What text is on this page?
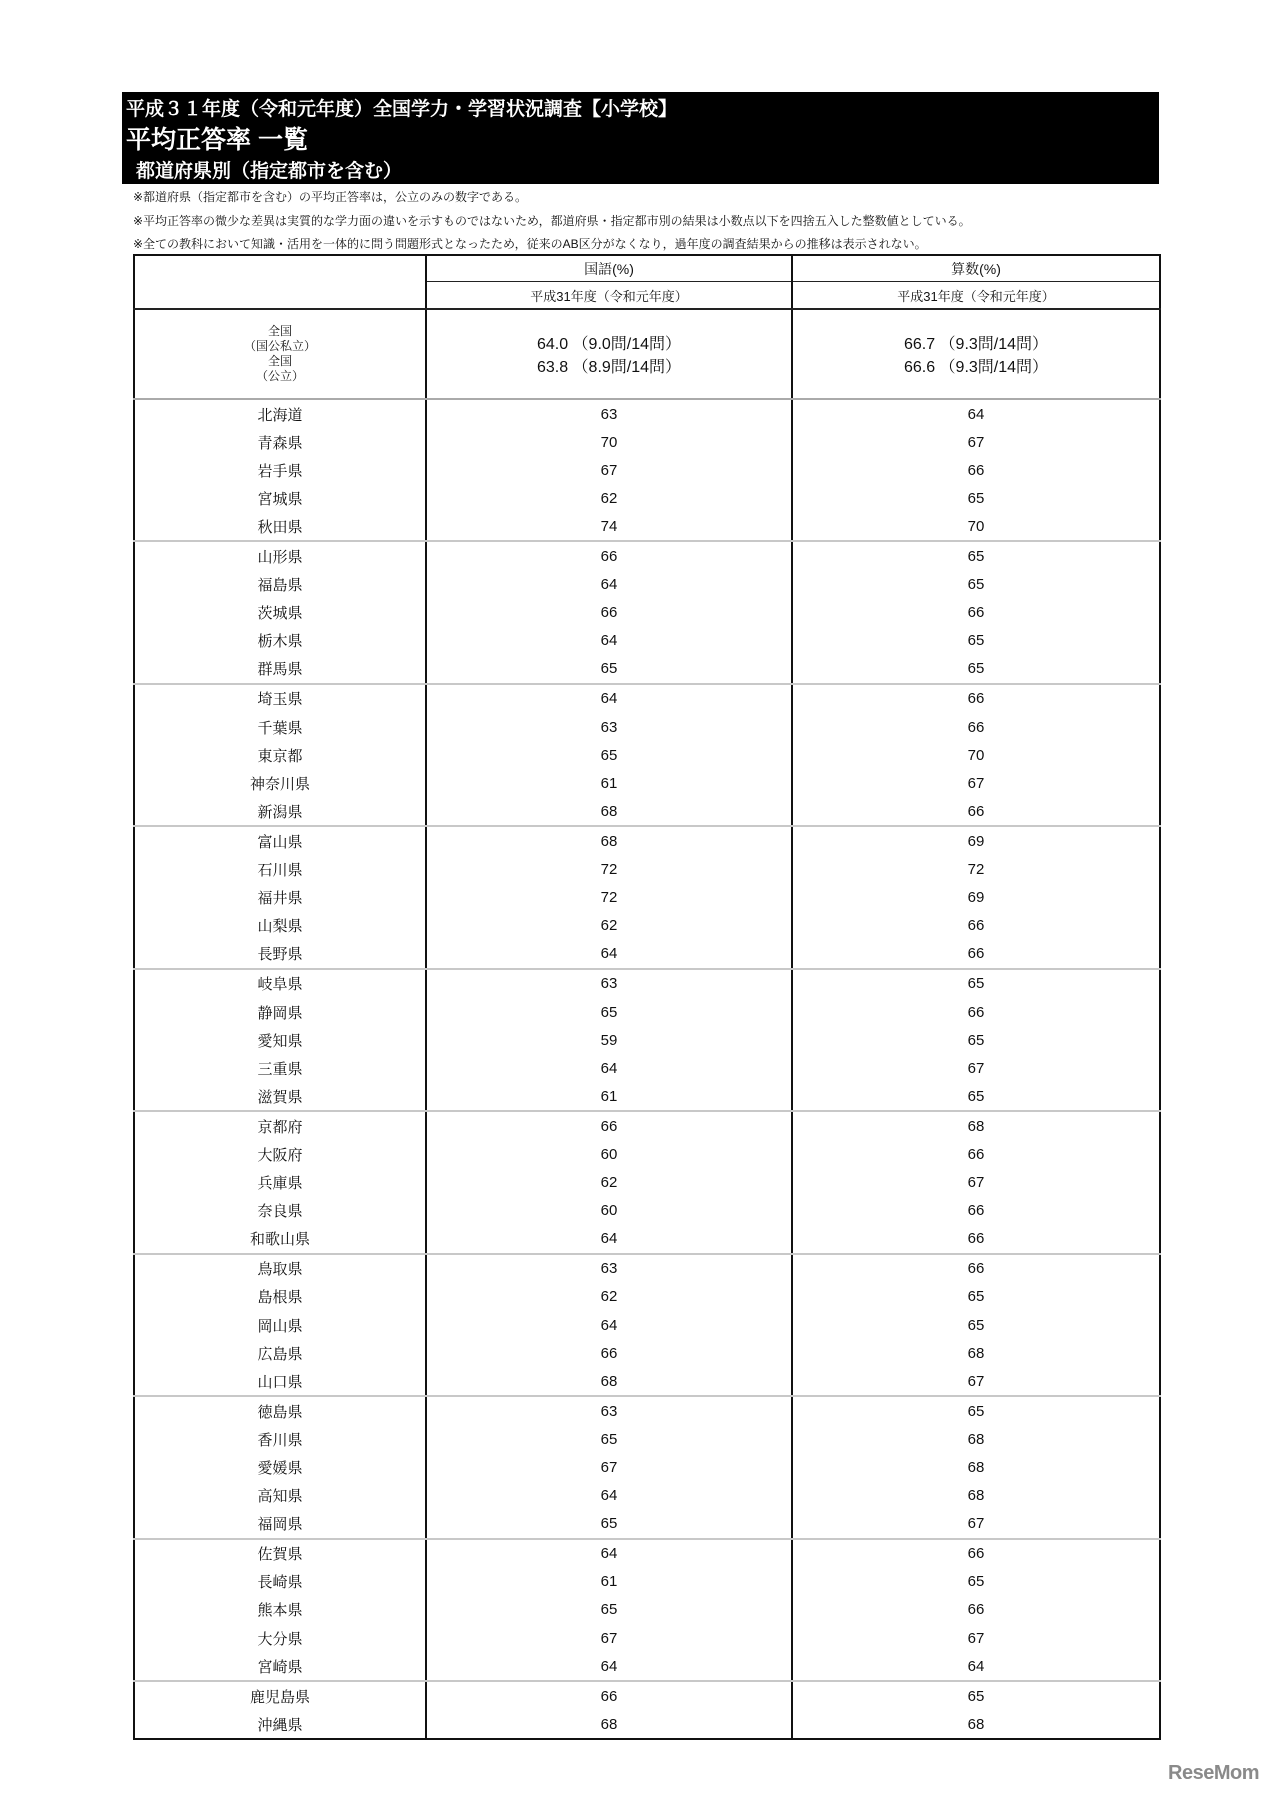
平成３１年度（令和元年度）全国学力・学習状況調査【小学校】
平均正答率 一覧
都道府県別（指定都市を含む）
※都道府県（指定都市を含む）の平均正答率は，公立のみの数字である。
※平均正答率の微少な差異は実質的な学力面の違いを示すものではないため，都道府県・指定都市別の結果は小数点以下を四捨五入した整数値としている。
※全ての教科において知識・活用を一体的に問う問題形式となったため，従来のAB区分がなくなり，過年度の調査結果からの推移は表示されない。
	国語(%)	算数(%)
	平成31年度（令和元年度）	平成31年度（令和元年度）

全国
（国公私立）	64.0 （9.0問/14問）	66.7 （9.3問/14問）

全国
（公立）	63.8 （8.9問/14問）	66.6 （9.3問/14問）
北海道	63	64
青森県	70	67
岩手県	67	66
宮城県	62	65
秋田県	74	70
山形県	66	65
福島県	64	65
茨城県	66	66
栃木県	64	65
群馬県	65	65
埼玉県	64	66
千葉県	63	66
東京都	65	70
神奈川県	61	67
新潟県	68	66
富山県	68	69
石川県	72	72
福井県	72	69
山梨県	62	66
長野県	64	66
岐阜県	63	65
静岡県	65	66
愛知県	59	65
三重県	64	67
滋賀県	61	65
京都府	66	68
大阪府	60	66
兵庫県	62	67
奈良県	60	66
和歌山県	64	66
鳥取県	63	66
島根県	62	65
岡山県	64	65
広島県	66	68
山口県	68	67
徳島県	63	65
香川県	65	68
愛媛県	67	68
高知県	64	68
福岡県	65	67
佐賀県	64	66
長崎県	61	65
熊本県	65	66
大分県	67	67
宮崎県	64	64
鹿児島県	66	65
沖縄県	68	68
ReseMom
